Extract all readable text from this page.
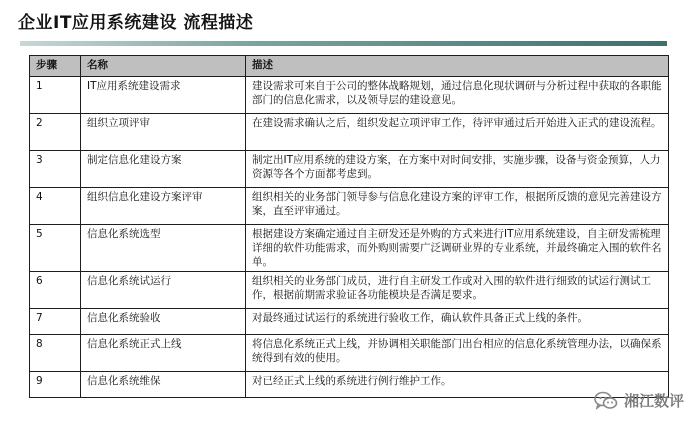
企业IT应用系统建设 流程描述
步骤	名称	描述
1	IT应用系统建设需求	建设需求可来自于公司的整体战略规划，通过信息化现状调研与分析过程中获取的各职能部门的信息化需求，以及领导层的建设意见。
2	组织立项评审	在建设需求确认之后，组织发起立项评审工作，待评审通过后开始进入正式的建设流程。
3	制定信息化建设方案	制定出IT应用系统的建设方案，在方案中对时间安排，实施步骤，设备与资金预算，人力资源等各个方面都考虑到。
4	组织信息化建设方案评审	组织相关的业务部门领导参与信息化建设方案的评审工作，根据所反馈的意见完善建设方案，直至评审通过。
5	信息化系统选型	根据建设方案确定通过自主研发还是外购的方式来进行IT应用系统建设，自主研发需梳理详细的软件功能需求，而外购则需要广泛调研业界的专业系统，并最终确定入围的软件名单。
6	信息化系统试运行	组织相关的业务部门成员，进行自主研发工作或对入围的软件进行细致的试运行测试工作，根据前期需求验证各功能模块是否满足要求。
7	信息化系统验收	对最终通过试运行的系统进行验收工作，确认软件具备正式上线的条件。
8	信息化系统正式上线	将信息化系统正式上线，并协调相关职能部门出台相应的信息化系统管理办法，以确保系统得到有效的使用。
9	信息化系统维保	对已经正式上线的系统进行例行维护工作。
湘江数评
